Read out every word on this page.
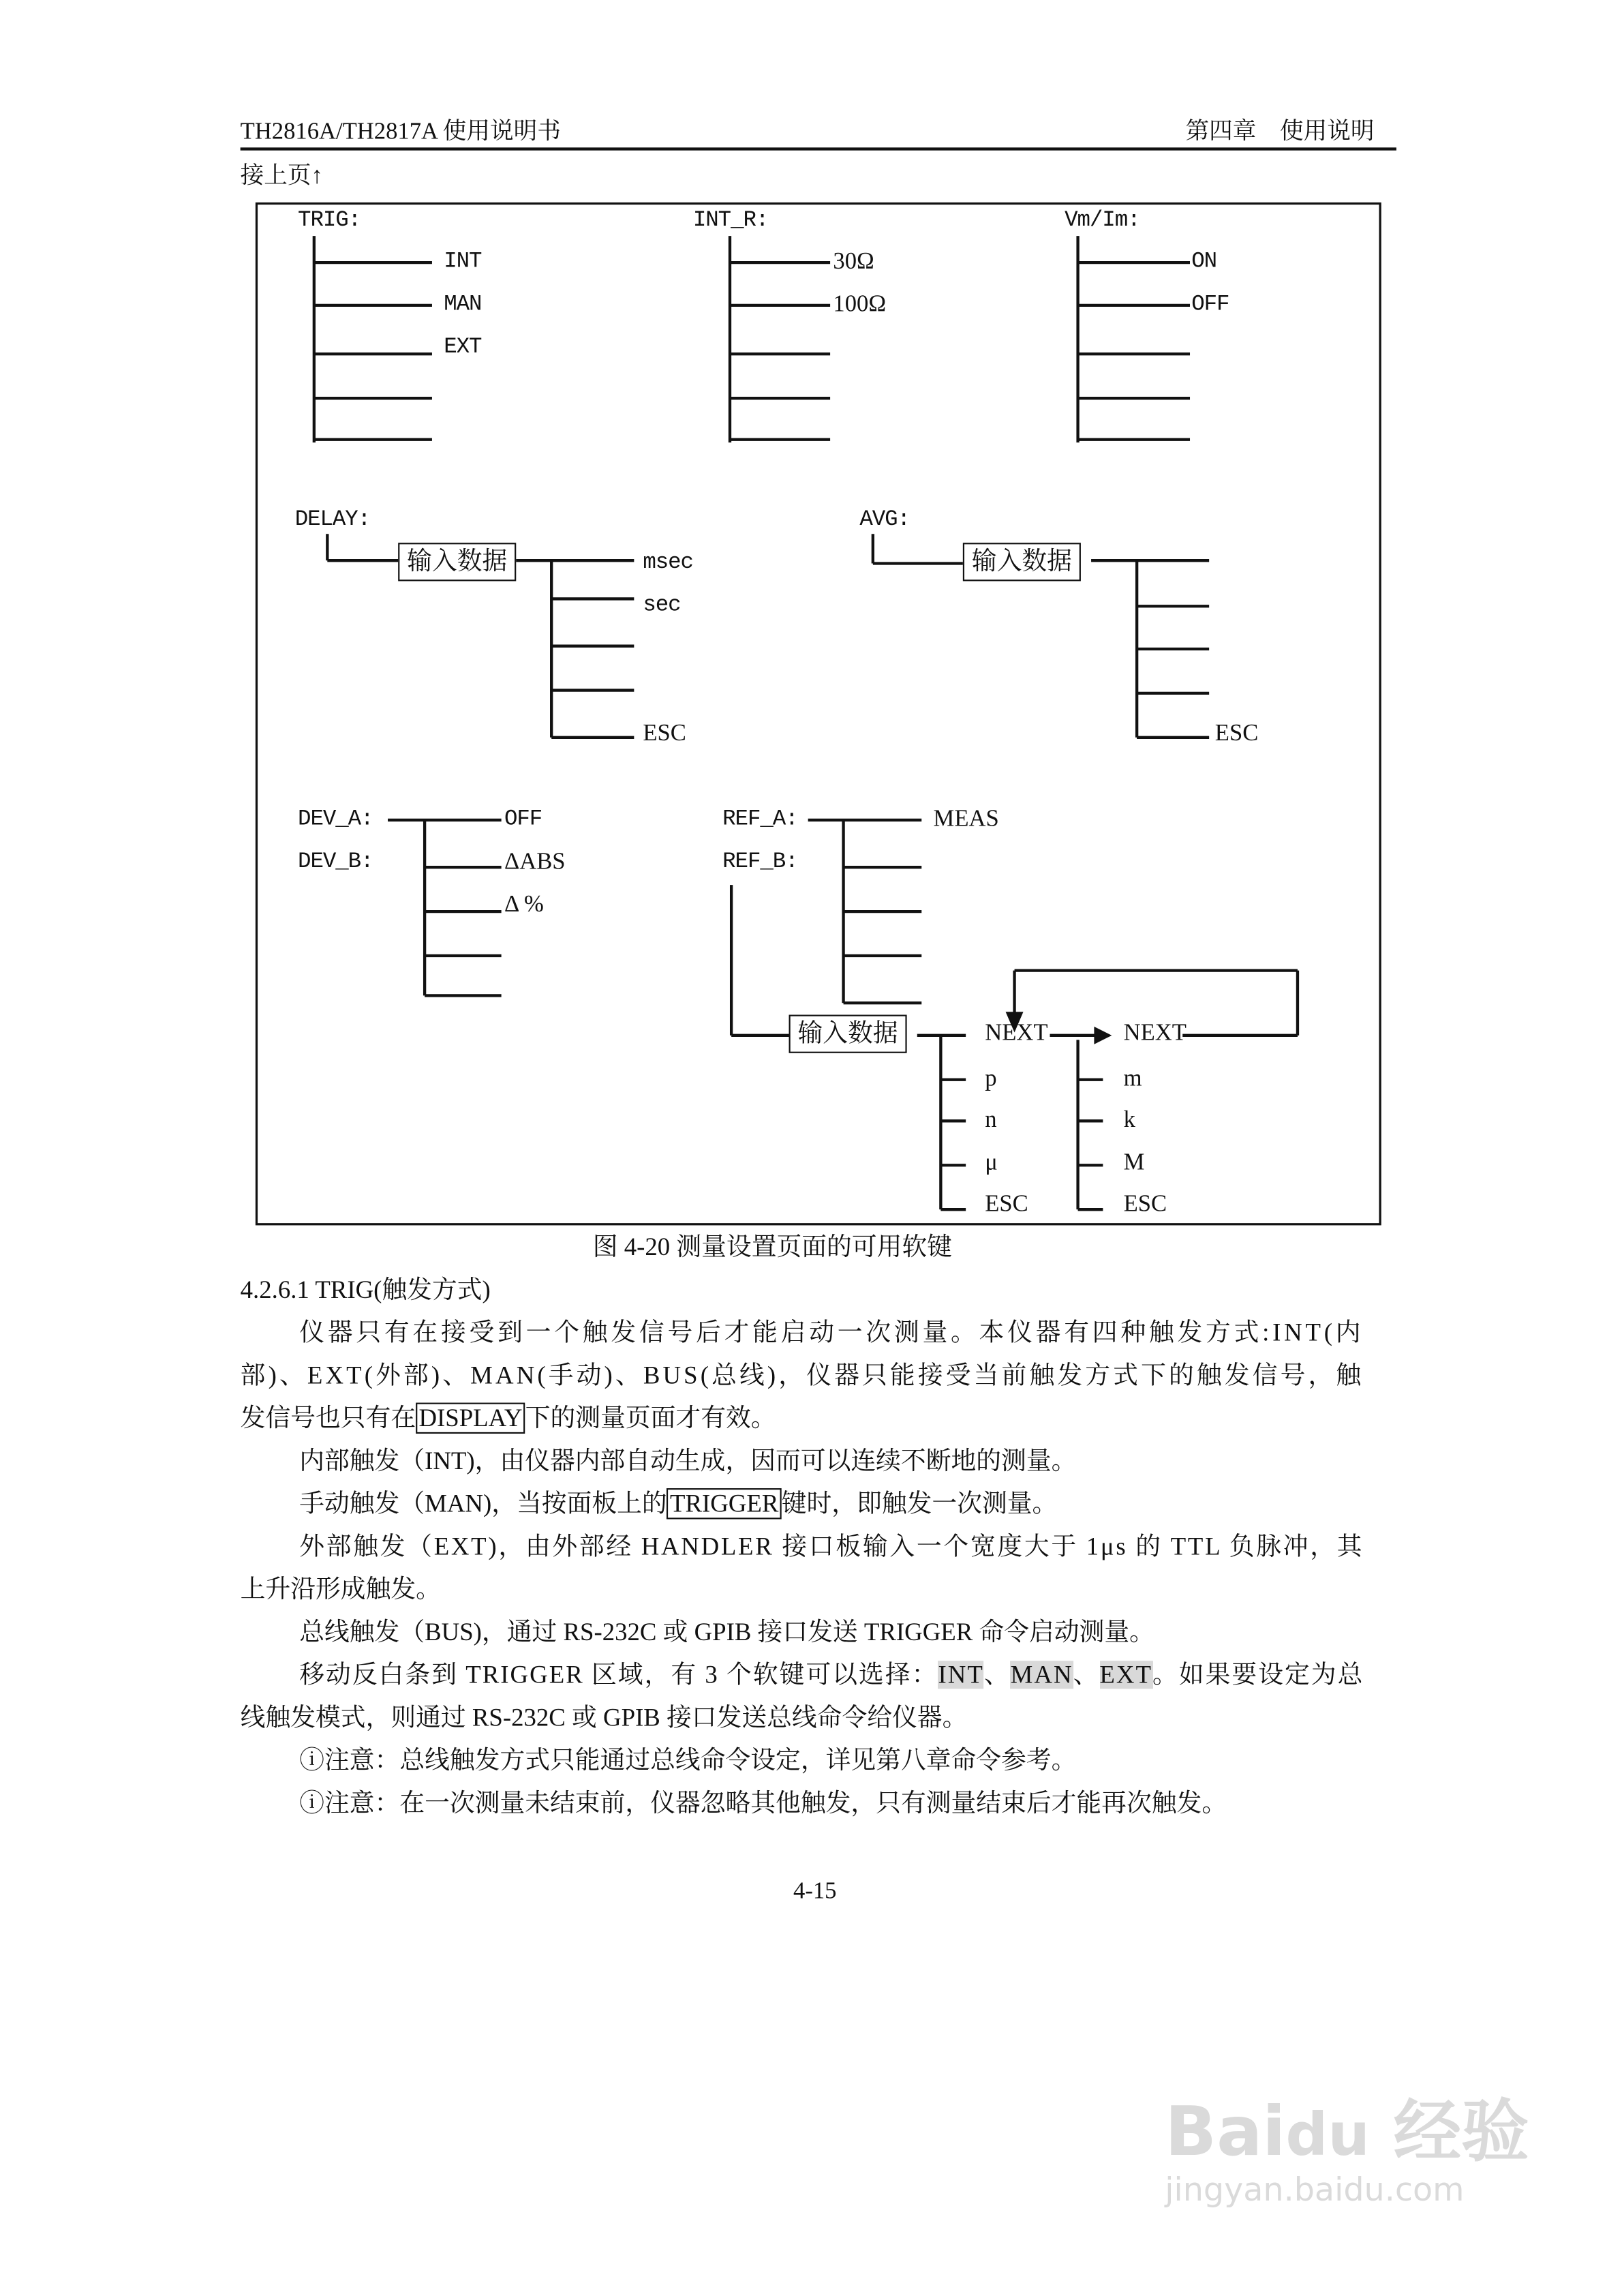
TH2816A/TH2817A 使用说明书	第四章　使用说明
接上页↑
TRIG:
INT
MAN
EXT
INT_R:
30Ω
100Ω
Vm/Im:
ON
OFF
DELAY:
输入数据	msec
sec
ESC
AVG:
输入数据
ESC
DEV_A:
DEV_B:
OFF
ΔABS
Δ %
REF_A:
REF_B:
MEAS
输入数据	NEXT
p
n
μ
ESC
NEXT
m
k
M
ESC
图 4-20 测量设置页面的可用软键
4.2.6.1 TRIG(触发方式)
仪器只有在接受到一个触发信号后才能启动一次测量。本仪器有四种触发方式:INT(内
部)、EXT(外部)、MAN(手动)、BUS(总线)，仪器只能接受当前触发方式下的触发信号，触
发信号也只有在 DISPLAY 下的测量页面才有效。
内部触发（INT)，由仪器内部自动生成，因而可以连续不断地的测量。
手动触发（MAN)，当按面板上的 TRIGGER 键时，即触发一次测量。
外部触发（EXT)，由外部经 HANDLER 接口板输入一个宽度大于 1μs 的 TTL 负脉冲，其
上升沿形成触发。
总线触发（BUS)，通过 RS-232C 或 GPIB 接口发送 TRIGGER 命令启动测量。
移动反白条到 TRIGGER 区域，有 3 个软键可以选择：INT、MAN、EXT。如果要设定为总
线触发模式，则通过 RS-232C 或 GPIB 接口发送总线命令给仪器。
ⓘ注意：总线触发方式只能通过总线命令设定，详见第八章命令参考。
ⓘ注意：在一次测量未结束前，仪器忽略其他触发，只有测量结束后才能再次触发。
4-15
Baidu 经验
jingyan.baidu.com
